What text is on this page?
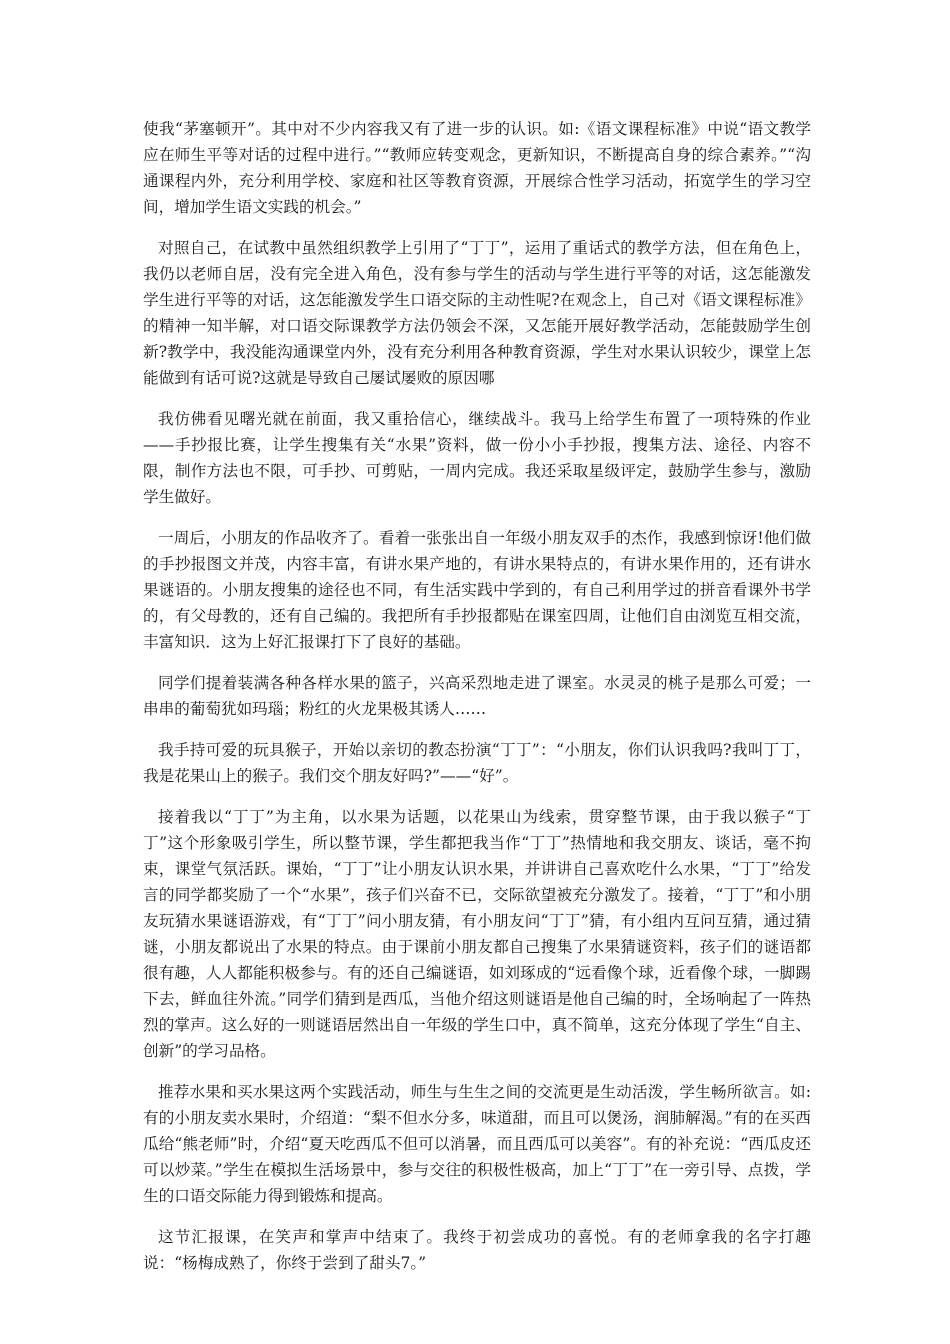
使我“茅塞顿开”。其中对不少内容我又有了进一步的认识。如:《语文课程标准》中说“语文教学应在师生平等对话的过程中进行。”“教师应转变观念，更新知识，不断提高自身的综合素养。”“沟通课程内外，充分利用学校、家庭和社区等教育资源，开展综合性学习活动，拓宽学生的学习空间，增加学生语文实践的机会。”

对照自己，在试教中虽然组织教学上引用了“丁丁”，运用了重话式的教学方法，但在角色上，我仍以老师自居，没有完全进入角色，没有参与学生的活动与学生进行平等的对话，这怎能激发学生进行平等的对话，这怎能激发学生口语交际的主动性呢?在观念上，自己对《语文课程标准》的精神一知半解，对口语交际课教学方法仍领会不深，又怎能开展好教学活动，怎能鼓励学生创新?教学中，我没能沟通课堂内外，没有充分利用各种教育资源，学生对水果认识较少，课堂上怎能做到有话可说?这就是导致自己屡试屡败的原因哪

我仿佛看见曙光就在前面，我又重拾信心，继续战斗。我马上给学生布置了一项特殊的作业——手抄报比赛，让学生搜集有关“水果”资料，做一份小小手抄报，搜集方法、途径、内容不限，制作方法也不限，可手抄、可剪贴，一周内完成。我还采取星级评定，鼓励学生参与，激励学生做好。

一周后，小朋友的作品收齐了。看着一张张出自一年级小朋友双手的杰作，我感到惊讶!他们做的手抄报图文并茂，内容丰富，有讲水果产地的，有讲水果特点的，有讲水果作用的，还有讲水果谜语的。小朋友搜集的途径也不同，有生活实践中学到的，有自己利用学过的拼音看课外书学的，有父母教的，还有自己编的。我把所有手抄报都贴在课室四周，让他们自由浏览互相交流，丰富知识．这为上好汇报课打下了良好的基础。

同学们提着装满各种各样水果的篮子，兴高采烈地走进了课室。水灵灵的桃子是那么可爱；一串串的葡萄犹如玛瑙；粉红的火龙果极其诱人……

我手持可爱的玩具猴子，开始以亲切的教态扮演“丁丁”：“小朋友，你们认识我吗?我叫丁丁，我是花果山上的猴子。我们交个朋友好吗?”——“好”。

接着我以“丁丁”为主角，以水果为话题，以花果山为线索，贯穿整节课，由于我以猴子“丁丁”这个形象吸引学生，所以整节课，学生都把我当作“丁丁”热情地和我交朋友、谈话，毫不拘束，课堂气氛活跃。课始，“丁丁”让小朋友认识水果，并讲讲自己喜欢吃什么水果，“丁丁”给发言的同学都奖励了一个“水果”，孩子们兴奋不已，交际欲望被充分激发了。接着，“丁丁”和小朋友玩猜水果谜语游戏，有“丁丁”问小朋友猜，有小朋友问“丁丁”猜，有小组内互问互猜，通过猜谜，小朋友都说出了水果的特点。由于课前小朋友都自己搜集了水果猜谜资料，孩子们的谜语都很有趣，人人都能积极参与。有的还自己编谜语，如刘琢成的“远看像个球，近看像个球，一脚踢下去，鲜血往外流。”同学们猜到是西瓜，当他介绍这则谜语是他自己编的时，全场响起了一阵热烈的掌声。这么好的一则谜语居然出自一年级的学生口中，真不简单，这充分体现了学生“自主、创新”的学习品格。

推荐水果和买水果这两个实践活动，师生与生生之间的交流更是生动活泼，学生畅所欲言。如:有的小朋友卖水果时，介绍道：“梨不但水分多，味道甜，而且可以煲汤，润肺解渴。”有的在买西瓜给“熊老师”时，介绍“夏天吃西瓜不但可以消暑，而且西瓜可以美容”。有的补充说：“西瓜皮还可以炒菜。”学生在模拟生活场景中，参与交往的积极性极高，加上“丁丁”在一旁引导、点拨，学生的口语交际能力得到锻炼和提高。

这节汇报课，在笑声和掌声中结束了。我终于初尝成功的喜悦。有的老师拿我的名字打趣说：“杨梅成熟了，你终于尝到了甜头7。”
